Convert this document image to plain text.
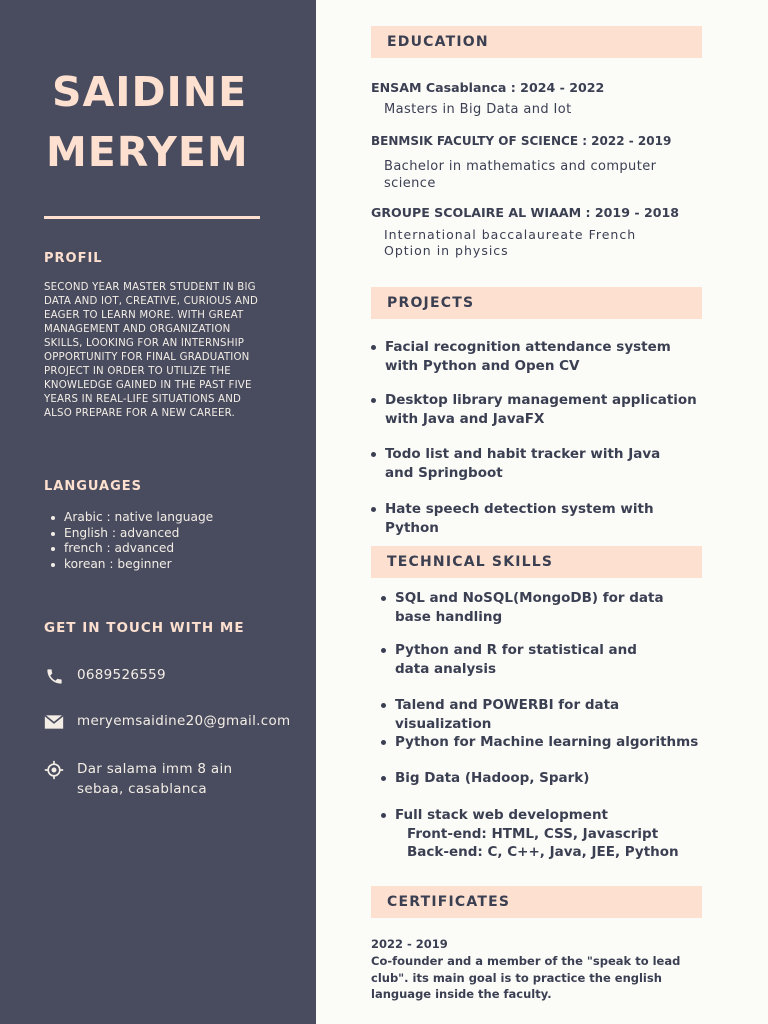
SAIDINE
MERYEM
PROFIL
SECOND YEAR MASTER STUDENT IN BIG DATA AND IOT, CREATIVE, CURIOUS AND EAGER TO LEARN MORE. WITH GREAT MANAGEMENT AND ORGANIZATION SKILLS, LOOKING FOR AN INTERNSHIP OPPORTUNITY FOR FINAL GRADUATION PROJECT IN ORDER TO UTILIZE THE KNOWLEDGE GAINED IN THE PAST FIVE YEARS IN REAL-LIFE SITUATIONS AND ALSO PREPARE FOR A NEW CAREER.
LANGUAGES
Arabic : native language
English : advanced
french : advanced
korean : beginner
GET IN TOUCH WITH ME
0689526559
meryemsaidine20@gmail.com
Dar salama imm 8 ain sebaa, casablanca
EDUCATION
ENSAM Casablanca : 2024 - 2022
Masters in Big Data and Iot
BENMSIK FACULTY OF SCIENCE : 2022 - 2019
Bachelor in mathematics and computer science
GROUPE SCOLAIRE AL WIAAM : 2019 - 2018
International baccalaureate French Option in physics
PROJECTS
Facial recognition attendance system with Python and Open CV
Desktop library management application with Java and JavaFX
Todo list and habit tracker with Java and Springboot
Hate speech detection system with Python
TECHNICAL SKILLS
SQL and NoSQL(MongoDB) for data base handling
Python and R for statistical and data analysis
Talend and POWERBI for data visualization
Python for Machine learning algorithms
Big Data (Hadoop, Spark)
Full stack web development
Front-end: HTML, CSS, Javascript
Back-end: C, C++, Java, JEE, Python
CERTIFICATES
2022 - 2019
Co-founder and a member of the "speak to lead club". its main goal is to practice the english language inside the faculty.
